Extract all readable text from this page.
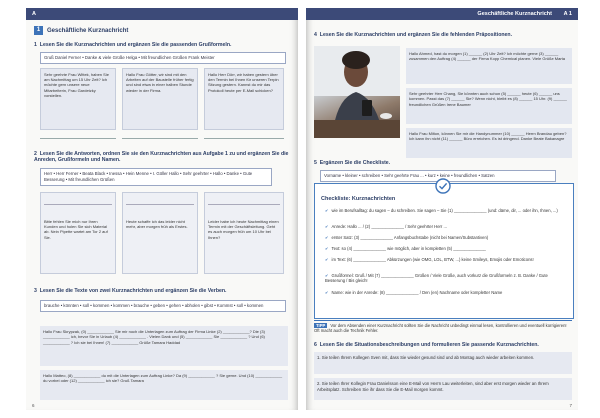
A
1 Geschäftliche Kurznachricht
1 Lesen Sie die Kurznachrichten und ergänzen Sie die passenden Grußformeln.
Gruß Daniel Ferner • Danke & viele Grüße Helga • Mit freundlichen Grüßen Frank Meister
Sehr geehrte Frau Wittek, haben Sie am Nachmittag um 15 Uhr Zeit? Ich möchte gern unsere neue Mitarbeiterin, Frau Gardetzky vorstellen.
Hallo Frau Götter, wir sind mit den Arbeiten auf der Baustelle früher fertig und sind etwa in einer halben Stunde wieder in der Firma.
Hallo Herr Dörr, wir haben gestern über den Termin bei Ihnen für unseren Terpin Sitzung gestern. Kannst du mir das Protokoll heute per E-Mail schicken?
2 Lesen Sie die Antworten, ordnen Sie sie den Kurznachrichten aus Aufgabe 1 zu und ergänzen Sie die Anreden, Grußformeln und Namen.
Herr • Herr Ferner • Beata Black • Inessa • Hein Menne • I. Göller Hallo • Sehr geehrter • Hallo • Danke • Gute Besserung • Mit freundlichen Grüßen
Bitte fehlen Sie mich nur Ihren Kunden und holen Sie sich Material ab. Nein Pipette wartet am Tor 2 auf Sie.
Heute schaffe ich das leider nicht mehr, aber morgen früh als Erstes.
Leider habe ich heute Nachmittag einen Termin mit der Geschäftsleitung. Geht es auch morgen früh um 10 Uhr bei Ihnen?
3 Lesen Sie die Texte von zwei Kurznachrichten und ergänzen Sie die Verben.
brauche • könnten • soll • kommen • kommen • brauche • geben • gehen • abholen • gibst • Kommst • soll • kommen
Hallo Frau Skrypzak, (0) ____________ Sie mir noch die Unterlagen zum Auftrag der Firma Linke (2) ____________? Die (3) ____________ ich, bevor Sie in Urlaub (4) ____________ . Vielen Dank und (5) ____________ Sie ____________ ? Und (6) ____________ ? Ich sie bei Ihnen! (7) ____________ Grüße Tamara Haddad
Hallo Matteo, (8) ____________ du mit die Unterlagen zum Auftrag Linke? Da (9) ____________ ? Sie gerne. Und (10) ____________ du vorbei oder (12) ____________ ich sie? Gruß Tamara
6
Geschäftliche Kurznachricht A 1
4 Lesen Sie die Kurznachrichten und ergänzen Sie die fehlenden Präpositionen.
Hallo Ahmed, hast du morgen (1) ______ (2) Uhr Zeit? Ich möchte gerne (3) ______ zusammen den Auftrag (4) ______ der Firma Kopp Chemical planen. Viele Grüße Marta
Sehr geehrter Herr Chang, Sie könnten auch schon (5) ______ heute (6) ______ uns kommen. Passt das (7) ______ Sie? Wenn nicht, bleibt es (8) ______ 15 Uhr. (9) ______ freundlichen Grüßen Irene Baumer
Hallo Frau Milton, können Sie mir die Handynummer (10) ______ Herrn Brandau geben? Ich kann ihn nicht (11) ______ Büro erreichen. Es ist dringend. Danke Beate Bakanagre
5 Ergänzen Sie die Checkliste.
Vorname • kleiner • schreiben • Sehr geehrte Frau ... • kurz • keine • freundlichen • Satzen
Checkliste: Kurznachrichten
✔ wie im Berufsalltag: du sagen – du schreiben. Sie sagen – Sie (1) ______________ (und: däme, dir, ... oder ihn, Ihnen, ...)
✔ Anrede: Hallo ... / (2) ______________ / Sehr geehrter Herr ...
✔ erster Satz: (3) ______________ Anfangsbuchstabe (nicht bei Namen/Substantiven)
✔ Text: so (4) ______________ wie möglich, aber in kompletten (5) ______________
✔ im Text: (6) ______________ Abkürzungen (wie OMG, LOL, BTW, ...) keine Smileys, Emojis oder Emoticons!
✔ Grußformel: Gruß / Mit (7) ______________ Grüßen / Viele Grüße, auch vorkurz die Grußformeln z. B. Danke / Gute Besserung / Bis gleich!
✔ Name: wie in der Anrede: (8) ______________ / Den (en) Nachname oder kompletter Name
TIPP Vor dem Absenden einer Kurznachricht sollten Sie die Nachricht unbedingt einmal lesen, kontrollieren und eventuell korrigieren! Oft macht auch die Technik Fehler.
6 Lesen Sie die Situationsbeschreibungen und formulieren Sie passende Kurznachrichten.
1. Sie teilen Ihrem Kollegen Sven mit, dass Sie wieder gesund sind und ab Montag auch wieder arbeiten kommen.
2. Sie teilen Ihrer Kollegin Frau Danielsson eine E-Mail von Herrn Lau weiterleiten, sind aber erst morgen wieder an Ihrem Arbeitsplatz. Schreiben Sie ihr dass Sie die E-Mail morgen kommt.
7
